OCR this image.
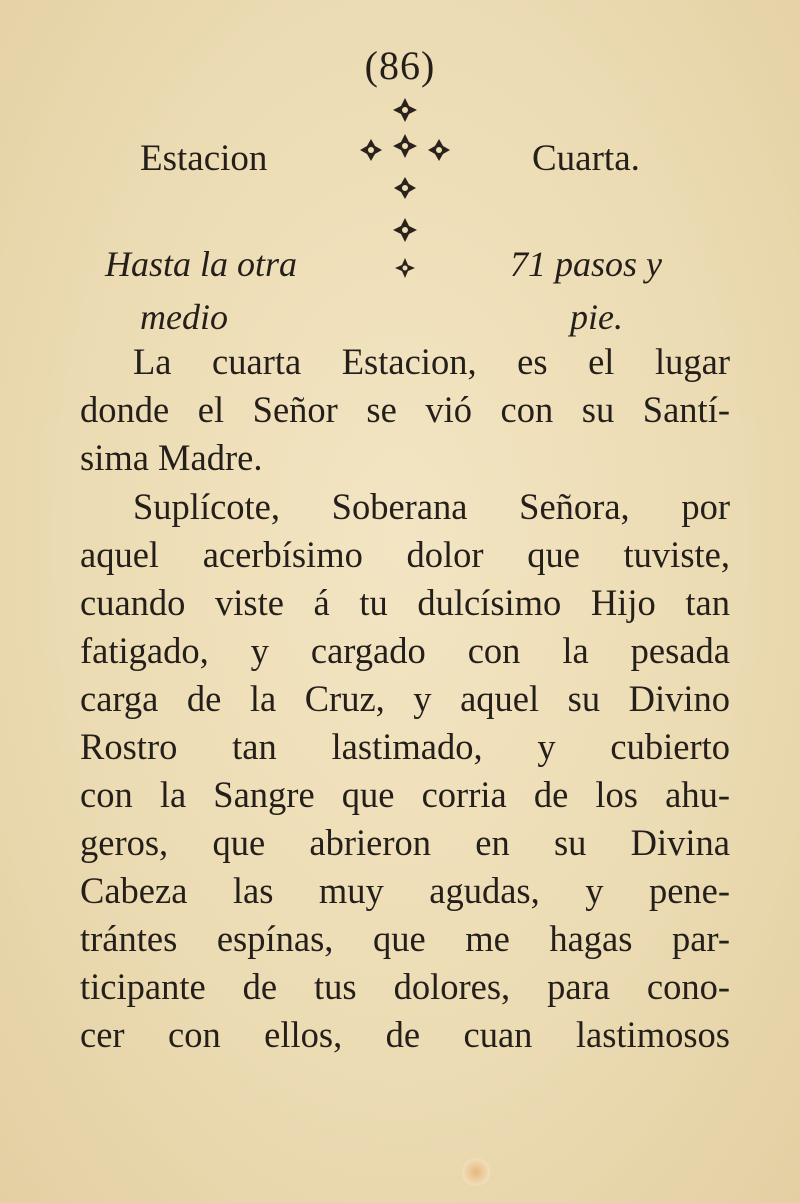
(86)
Estacion	Cuarta.
Hasta la otra
medio
71 pasos y
pie.
La cuarta Estacion, es el lugar
donde el Señor se vió con su Santí-
sima Madre.
Suplícote, Soberana Señora, por
aquel acerbísimo dolor que tuviste,
cuando viste á tu dulcísimo Hijo tan
fatigado, y cargado con la pesada
carga de la Cruz, y aquel su Divino
Rostro tan lastimado, y cubierto
con la Sangre que corria de los ahu-
geros, que abrieron en su Divina
Cabeza las muy agudas, y pene-
trántes espínas, que me hagas par-
ticipante de tus dolores, para cono-
cer con ellos, de cuan lastimosos
